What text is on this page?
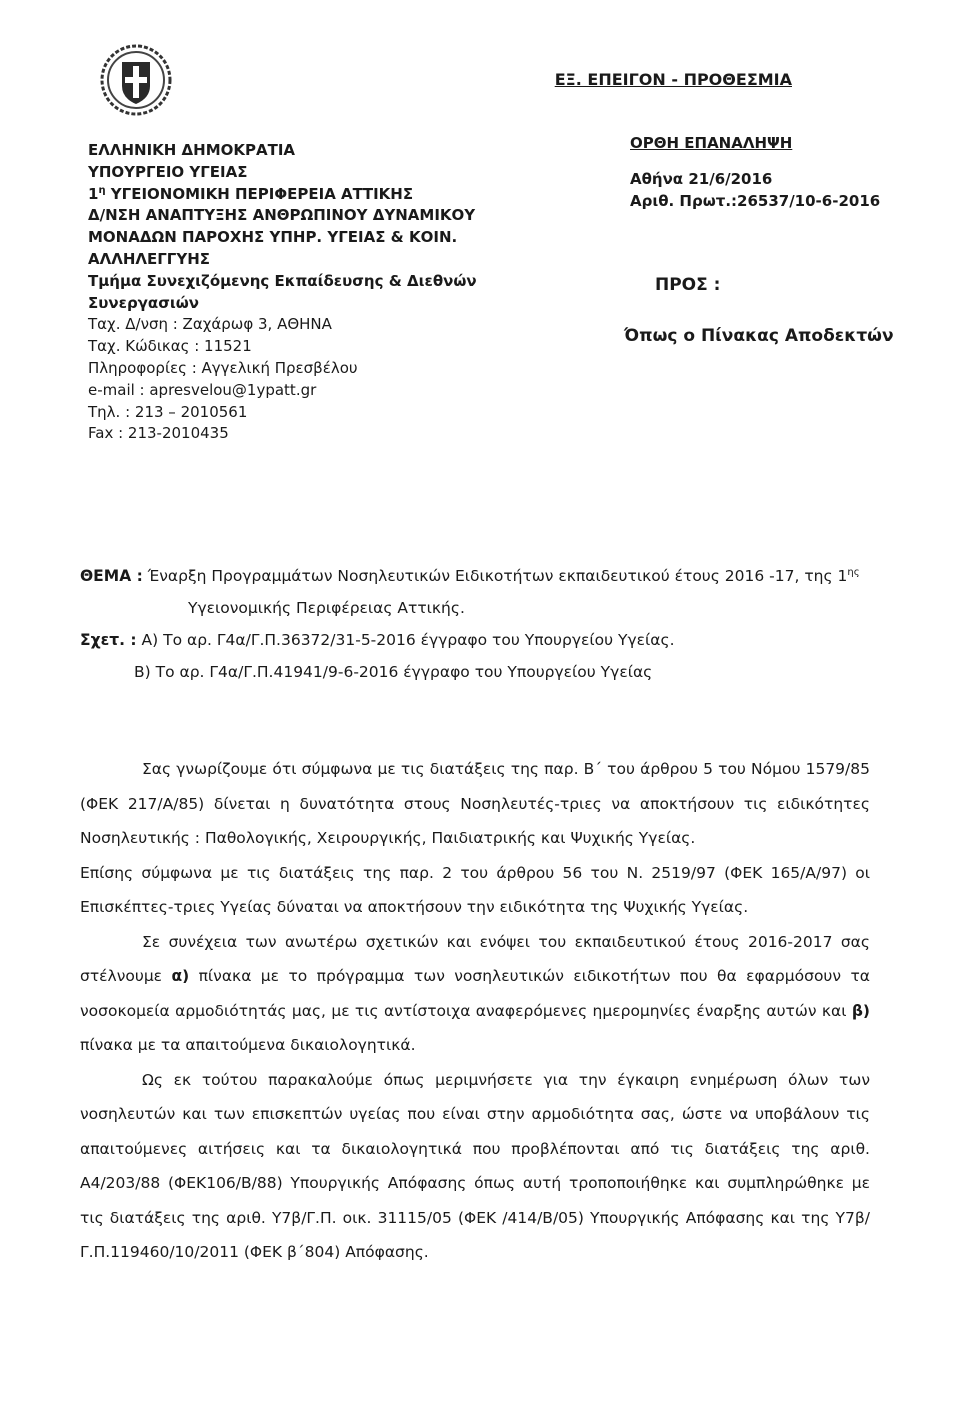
ΕΞ. ΕΠΕΙΓΟΝ - ΠΡΟΘΕΣΜΙΑ
ΕΛΛΗΝΙΚΗ ΔΗΜΟΚΡΑΤΙΑ
ΥΠΟΥΡΓΕΙΟ ΥΓΕΙΑΣ
$1^\eta$ ΥΓΕΙΟΝΟΜΙΚΗ ΠΕΡΙΦΕΡΕΙΑ ΑΤΤΙΚΗΣ
Δ/ΝΣΗ ΑΝΑΠΤΥΞΗΣ ΑΝΘΡΩΠΙΝΟΥ ΔΥΝΑΜΙΚΟΥ
ΜΟΝΑΔΩΝ ΠΑΡΟΧΗΣ ΥΠΗΡ. ΥΓΕΙΑΣ & ΚΟΙΝ.
ΑΛΛΗΛΕΓΓΥΗΣ
Τμήμα Συνεχιζόμενης Εκπαίδευσης & Διεθνών
Συνεργασιών
Ταχ. Δ/νση : Ζαχάρωφ 3, ΑΘΗΝΑ
Ταχ. Κώδικας : 11521
Πληροφορίες : Αγγελική Πρεσβέλου
e-mail : apresvelou@1ypatt.gr
Τηλ. : 213 – 2010561
Fax : 213-2010435
ΟΡΘΗ ΕΠΑΝΑΛΗΨΗ
Αθήνα 21/6/2016
Αριθ. Πρωτ.:26537/10-6-2016
ΠΡΟΣ :
Όπως ο Πίνακας Αποδεκτών
ΘΕΜΑ : Έναρξη Προγραμμάτων Νοσηλευτικών Ειδικοτήτων εκπαιδευτικού έτους 2016 -17, της $1^{\eta\varsigma}$
Υγειονομικής Περιφέρειας Αττικής.
Σχετ. : Α) Το αρ. Γ4α/Γ.Π.36372/31-5-2016 έγγραφο του Υπουργείου Υγείας.
Β) Το αρ. Γ4α/Γ.Π.41941/9-6-2016 έγγραφο του Υπουργείου Υγείας

Σας γνωρίζουμε ότι σύμφωνα με τις διατάξεις της παρ. Β΄ του άρθρου 5 του Νόμου 1579/85 (ΦΕΚ 217/Α/85) δίνεται η δυνατότητα στους Νοσηλευτές-τριες να αποκτήσουν τις ειδικότητες Νοσηλευτικής : Παθολογικής, Χειρουργικής, Παιδιατρικής και Ψυχικής Υγείας.

Επίσης σύμφωνα με τις διατάξεις της παρ. 2 του άρθρου 56 του Ν. 2519/97 (ΦΕΚ 165/Α/97) οι Επισκέπτες-τριες Υγείας δύναται να αποκτήσουν την ειδικότητα της Ψυχικής Υγείας.

Σε συνέχεια των ανωτέρω σχετικών και ενόψει του εκπαιδευτικού έτους 2016-2017 σας στέλνουμε α) πίνακα με το πρόγραμμα των νοσηλευτικών ειδικοτήτων που θα εφαρμόσουν τα νοσοκομεία αρμοδιότητάς μας, με τις αντίστοιχα αναφερόμενες ημερομηνίες έναρξης αυτών και β) πίνακα με τα απαιτούμενα δικαιολογητικά.

Ως εκ τούτου παρακαλούμε όπως μεριμνήσετε για την έγκαιρη ενημέρωση όλων των νοσηλευτών και των επισκεπτών υγείας που είναι στην αρμοδιότητα σας, ώστε να υποβάλουν τις απαιτούμενες αιτήσεις και τα δικαιολογητικά που προβλέπονται από τις διατάξεις της αριθ. Α4/203/88 (ΦΕΚ106/Β/88) Υπουργικής Απόφασης όπως αυτή τροποποιήθηκε και συμπληρώθηκε με τις διατάξεις της αριθ. Υ7β/Γ.Π. οικ. 31115/05 (ΦΕΚ /414/Β/05) Υπουργικής Απόφασης και της Υ7β/Γ.Π.119460/10/2011 (ΦΕΚ β΄804) Απόφασης.
